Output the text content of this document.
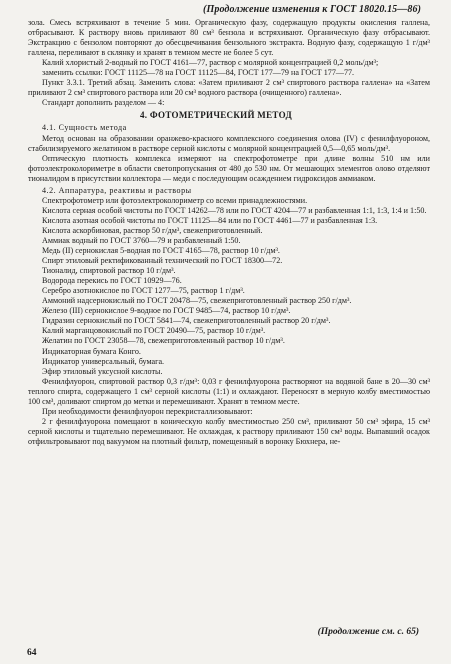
(Продолжение изменения к ГОСТ 18020.15—86)

зола. Смесь встряхивают в течение 5 мин. Органическую фазу, содержащую продукты окисления галлена, отбрасывают. К раствору вновь приливают 80 см³ бензола и встряхивают. Органическую фазу отбрасывают. Экстракцию с бензолом повторяют до обесцвечивания бензольного экстракта. Водную фазу, содержащую 1 г/дм³ галлена, переливают в склянку и хранят в темном месте не более 5 сут.

Калий хлористый 2-водный по ГОСТ 4161—77, раствор с молярной концентрацией 0,2 моль/дм³;

заменить ссылки: ГОСТ 11125—78 на ГОСТ 11125—84, ГОСТ 177—79 на ГОСТ 177—77.

Пункт 3.3.1. Третий абзац. Заменить слова: «Затем приливают 2 см³ спиртового раствора галлена» на «Затем приливают 2 см³ спиртового раствора или 20 см³ водного раствора (очищенного) галлена».

Стандарт дополнить разделом — 4:

4. ФОТОМЕТРИЧЕСКИЙ МЕТОД

4.1. Сущность метода

Метод основан на образовании оранжево-красного комплексного соединения олова (IV) с фенилфлуороном, стабилизируемого желатином в растворе серной кислоты с молярной концентрацией 0,5—0,65 моль/дм³.

Оптическую плотность комплекса измеряют на спектрофотометре при длине волны 510 нм или фотоэлектроколориметре в области светопропускания от 480 до 530 нм. От мешающих элементов олово отделяют тионалидом в присутствии коллектора — меди с последующим осаждением гидроксидов аммиаком.

4.2. Аппаратура, реактивы и растворы

Спектрофотометр или фотоэлектроколориметр со всеми принадлежностями.

Кислота серная особой чистоты по ГОСТ 14262—78 или по ГОСТ 4204—77 и разбавленная 1:1, 1:3, 1:4 и 1:50.

Кислота азотная особой чистоты по ГОСТ 11125—84 или по ГОСТ 4461—77 и разбавленная 1:3.

Кислота аскорбиновая, раствор 50 г/дм³, свежеприготовленный.

Аммиак водный по ГОСТ 3760—79 и разбавленный 1:50.

Медь (II) сернокислая 5-водная по ГОСТ 4165—78, раствор 10 г/дм³.

Спирт этиловый ректификованный технический по ГОСТ 18300—72.

Тионалид, спиртовой раствор 10 г/дм³.

Водорода перекись по ГОСТ 10929—76.

Серебро азотнокислое по ГОСТ 1277—75, раствор 1 г/дм³.

Аммоний надсернокислый по ГОСТ 20478—75, свежеприготовленный раствор 250 г/дм³.

Железо (III) сернокислое 9-водное по ГОСТ 9485—74, раствор 10 г/дм³.

Гидразин сернокислый по ГОСТ 5841—74, свежеприготовленный раствор 20 г/дм³.

Калий марганцовокислый по ГОСТ 20490—75, раствор 10 г/дм³.

Желатин по ГОСТ 23058—78, свежеприготовленный раствор 10 г/дм³.

Индикаторная бумага Конго.

Индикатор универсальный, бумага.

Эфир этиловый уксусной кислоты.

Фенилфлуорон, спиртовой раствор 0,3 г/дм³: 0,03 г фенилфлуорона растворяют на водяной бане в 20—30 см³ теплого спирта, содержащего 1 см³ серной кислоты (1:1) и охлаждают. Переносят в мерную колбу вместимостью 100 см³, доливают спиртом до метки и перемешивают. Хранят в темном месте.

При необходимости фенилфлуорон перекристаллизовывают:

2 г фенилфлуорона помещают в коническую колбу вместимостью 250 см³, приливают 50 см³ эфира, 15 см³ серной кислоты и тщательно перемешивают. Не охлаждая, к раствору приливают 150 см³ воды. Выпавший осадок отфильтровывают под вакуумом на плотный фильтр, помещенный в воронку Бюхнера, не-

(Продолжение см. с. 65)
64
